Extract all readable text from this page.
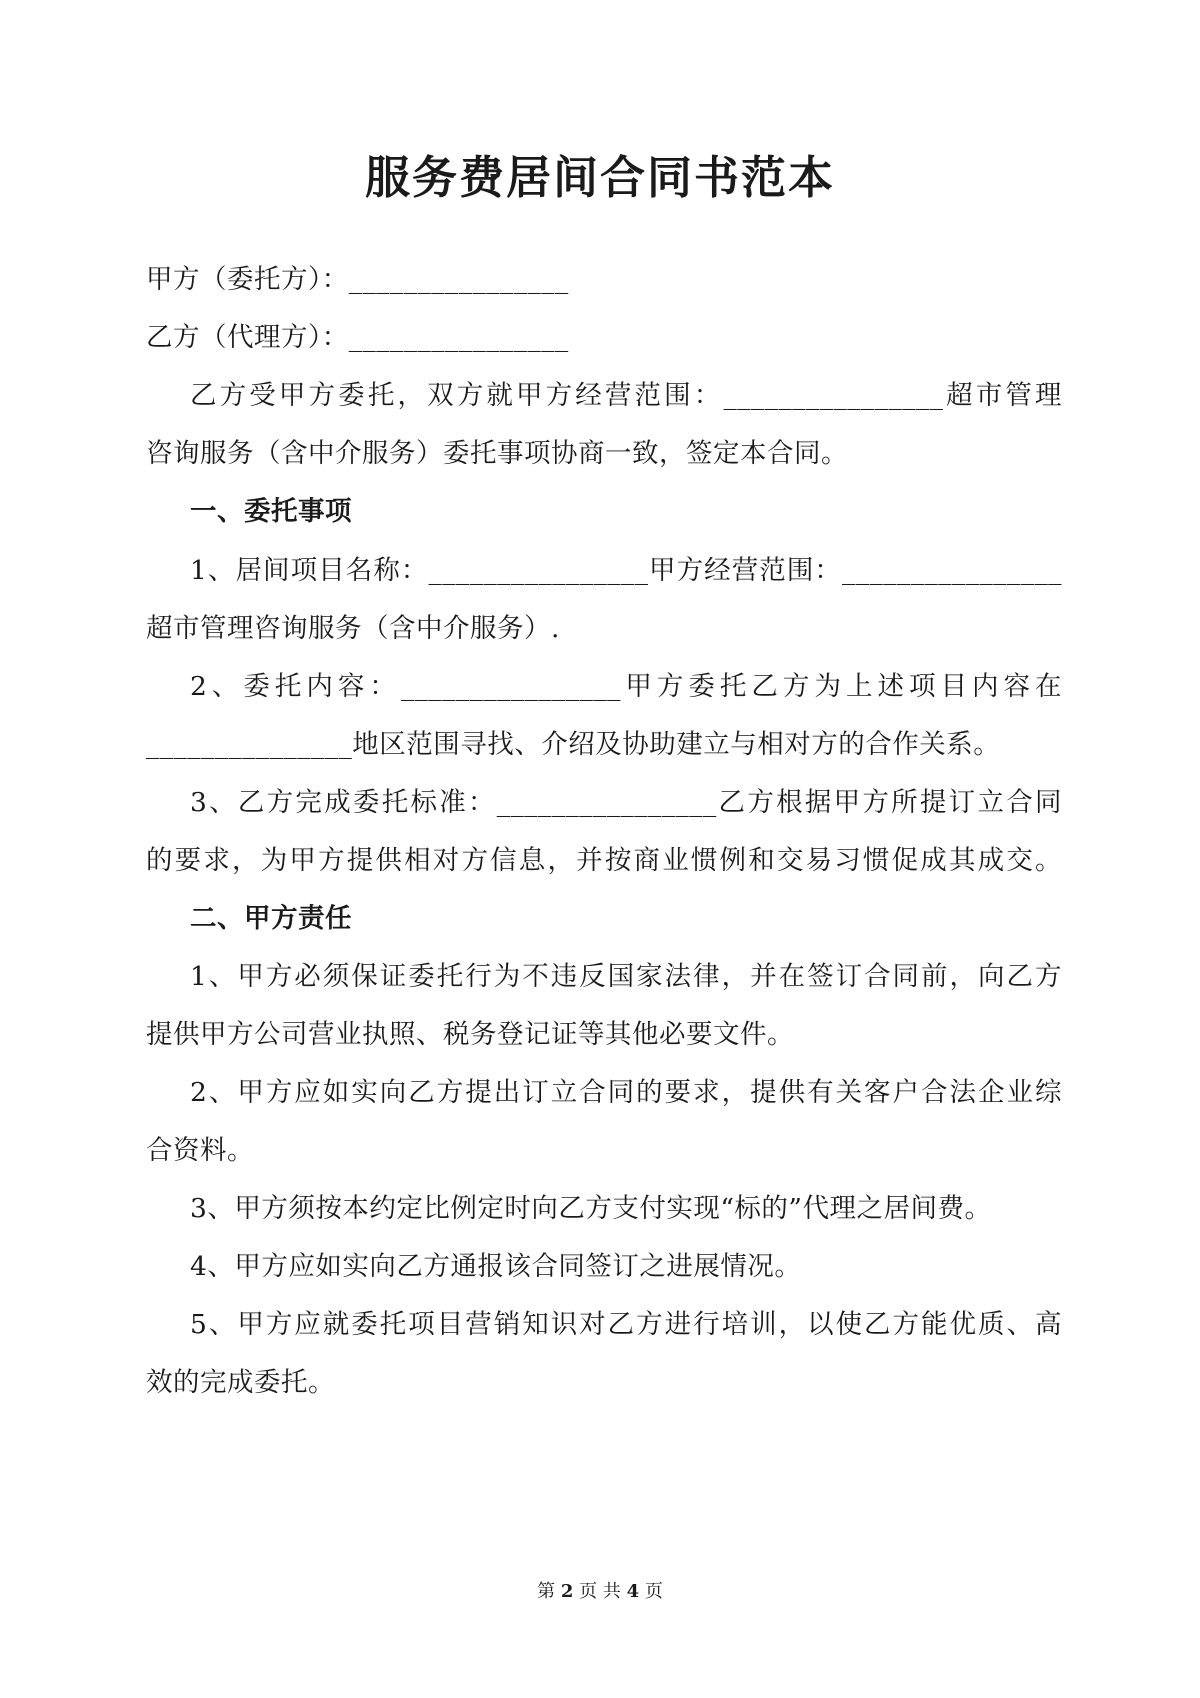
服务费居间合同书范本
甲方（委托方）：________________
乙方（代理方）：________________
乙方受甲方委托，双方就甲方经营范围：________________超市管理
咨询服务（含中介服务）委托事项协商一致，签定本合同。
一、委托事项
1、居间项目名称：________________甲方经营范围：________________
超市管理咨询服务（含中介服务）.
2、委托内容：________________甲方委托乙方为上述项目内容在
_______________地区范围寻找、介绍及协助建立与相对方的合作关系。
3、乙方完成委托标准：________________乙方根据甲方所提订立合同
的要求，为甲方提供相对方信息，并按商业惯例和交易习惯促成其成交。
二、甲方责任
1、甲方必须保证委托行为不违反国家法律，并在签订合同前，向乙方
提供甲方公司营业执照、税务登记证等其他必要文件。
2、甲方应如实向乙方提出订立合同的要求，提供有关客户合法企业综
合资料。
3、甲方须按本约定比例定时向乙方支付实现“标的”代理之居间费。
4、甲方应如实向乙方通报该合同签订之进展情况。
5、甲方应就委托项目营销知识对乙方进行培训，以使乙方能优质、高
效的完成委托。
第 2 页 共 4 页
